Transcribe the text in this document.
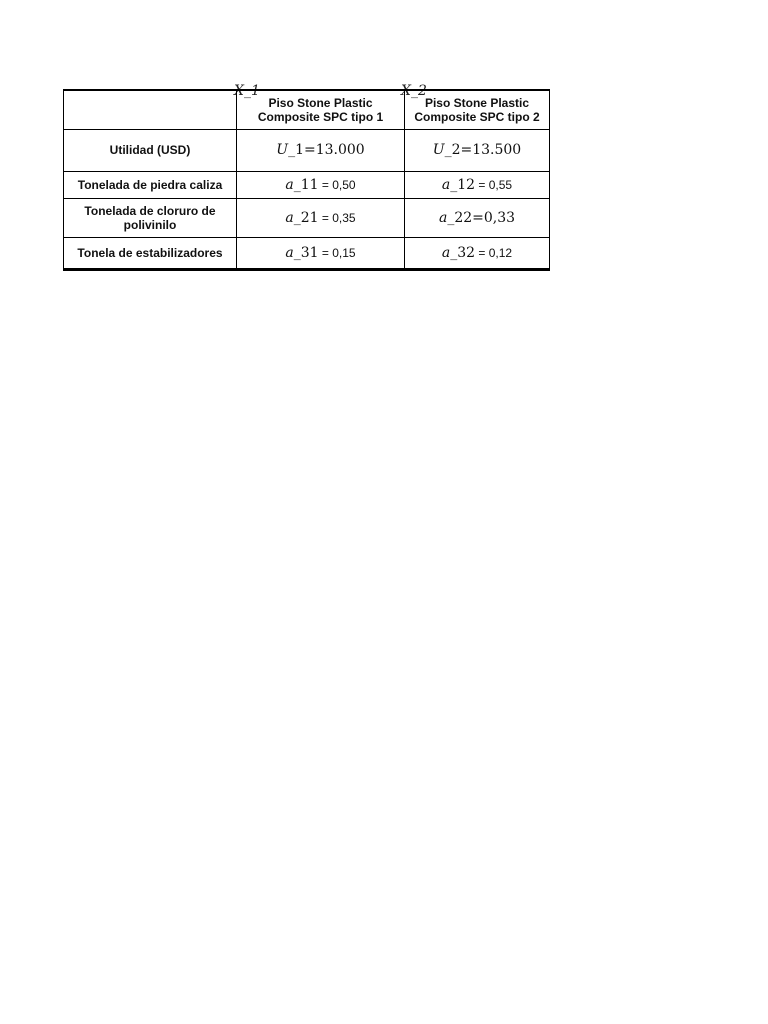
X_1	X_2
	Piso Stone Plastic Composite SPC tipo 1	Piso Stone Plastic Composite SPC tipo 2
Utilidad (USD)	U_1=13.000	U_2=13.500
Tonelada de piedra caliza	a_11 = 0,50	a_12 = 0,55
Tonelada de cloruro de polivinilo	a_21 = 0,35	a_22=0,33
Tonela de estabilizadores	a_31 = 0,15	a_32 = 0,12
